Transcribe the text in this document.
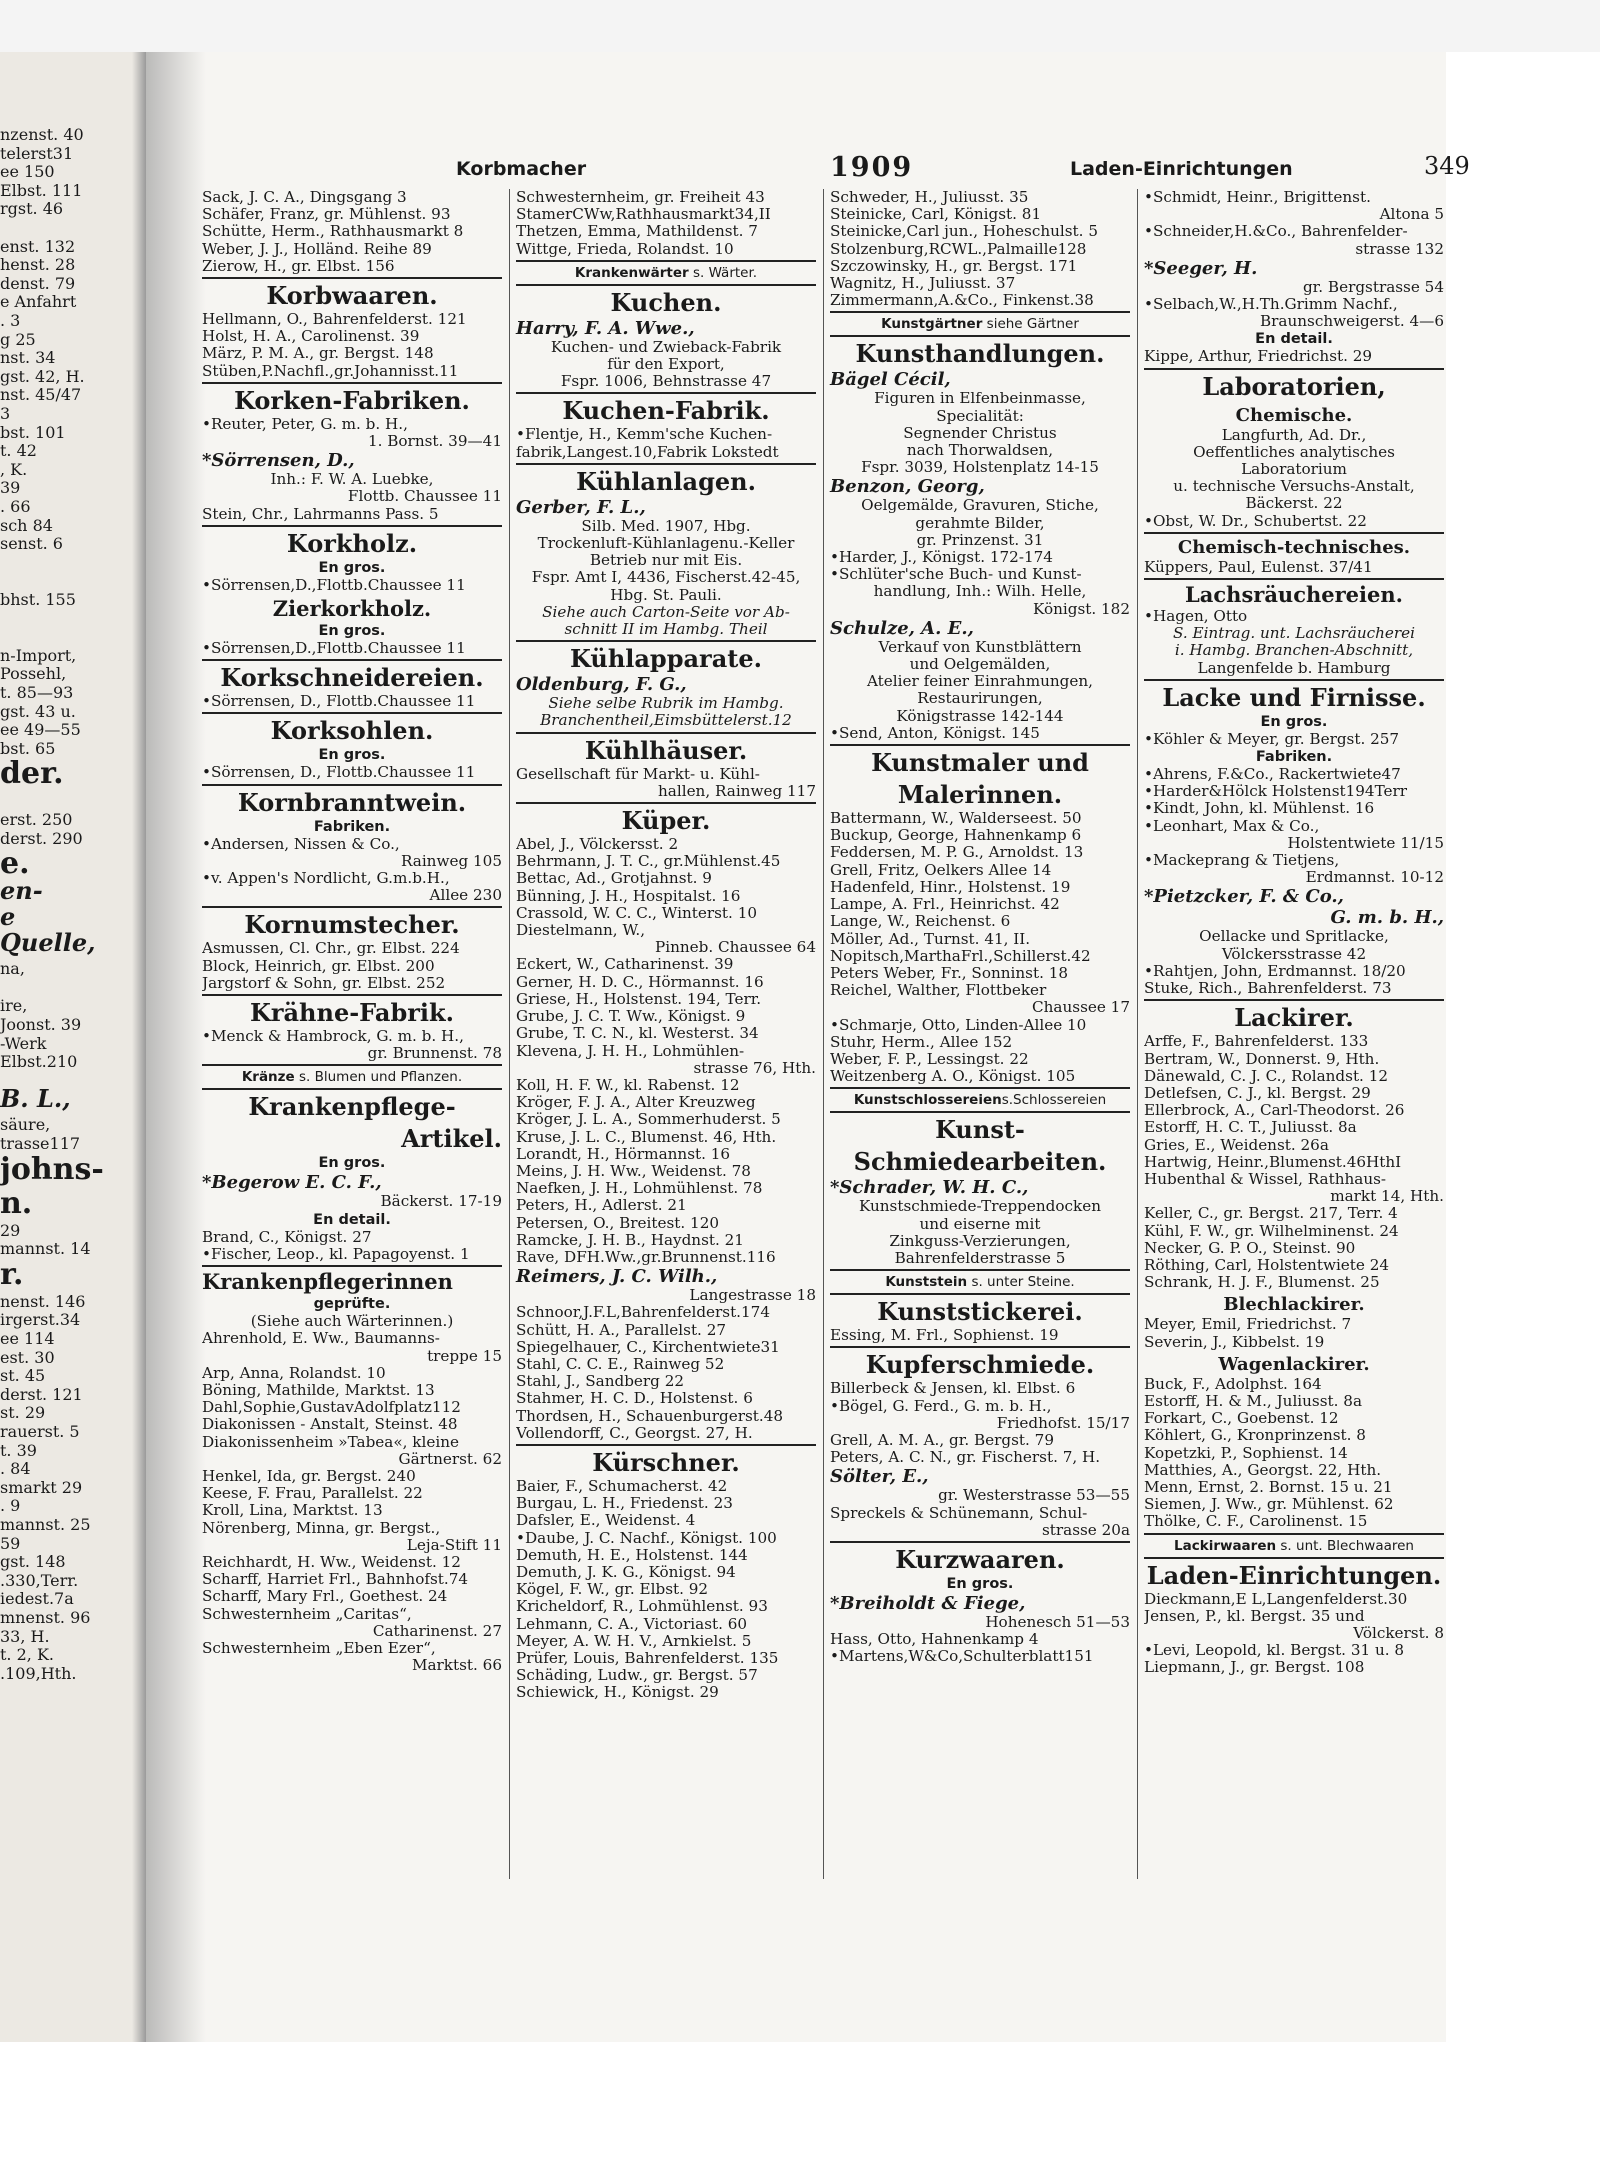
nzenst. 40
telerst31
ee 150
Elbst. 111
rgst. 46
enst. 132
henst. 28
denst. 79
e Anfahrt
. 3
g 25
nst. 34
gst. 42, H.
nst. 45/47
3
bst. 101
t. 42
, K.
39
. 66
sch 84
senst. 6
bhst. 155
n-Import,
Possehl,
t. 85—93
gst. 43 u.
ee 49—55
bst. 65
der.
erst. 250
derst. 290
e.
en-
e
Quelle,
na,
ire,
Joonst. 39
-Werk
Elbst.210
B. L.,
säure,
trasse117
johns-
n.
29
mannst. 14
r.
nenst. 146
irgerst.34
ee 114
est. 30
st. 45
derst. 121
st. 29
rauerst. 5
t. 39
. 84
smarkt 29
. 9
mannst. 25
59
gst. 148
.330,Terr.
iedest.7a
mnenst. 96
33, H.
t. 2, K.
.109,Hth.
Korbmacher	1909	Laden-Einrichtungen	349
Sack, J. C. A., Dingsgang 3
Schäfer, Franz, gr. Mühlenst. 93
Schütte, Herm., Rathhausmarkt 8
Weber, J. J., Holländ. Reihe 89
Zierow, H., gr. Elbst. 156
Korbwaaren.
Hellmann, O., Bahrenfelderst. 121
Holst, H. A., Carolinenst. 39
März, P. M. A., gr. Bergst. 148
Stüben,P.Nachfl.,gr.Johannisst.11
Korken-Fabriken.
•Reuter, Peter, G. m. b. H.,
1. Bornst. 39—41
*Sörrensen, D.,
Inh.: F. W. A. Luebke,
Flottb. Chaussee 11
Stein, Chr., Lahrmanns Pass. 5
Korkholz.
En gros.
•Sörrensen,D.,Flottb.Chaussee 11
Zierkorkholz.
En gros.
•Sörrensen,D.,Flottb.Chaussee 11
Korkschneidereien.
•Sörrensen, D., Flottb.Chaussee 11
Korksohlen.
En gros.
•Sörrensen, D., Flottb.Chaussee 11
Kornbranntwein.
Fabriken.
•Andersen, Nissen & Co.,
Rainweg 105
•v. Appen's Nordlicht, G.m.b.H.,
Allee 230
Kornumstecher.
Asmussen, Cl. Chr., gr. Elbst. 224
Block, Heinrich, gr. Elbst. 200
Jargstorf & Sohn, gr. Elbst. 252
Krähne-Fabrik.
•Menck & Hambrock, G. m. b. H.,
gr. Brunnenst. 78
Kränze s. Blumen und Pflanzen.
Krankenpflege-
Artikel.
En gros.
*Begerow E. C. F.,
Bäckerst. 17-19
En detail.
Brand, C., Königst. 27
•Fischer, Leop., kl. Papagoyenst. 1
Krankenpflegerinnen
geprüfte.
(Siehe auch Wärterinnen.)
Ahrenhold, E. Ww., Baumanns-
treppe 15
Arp, Anna, Rolandst. 10
Böning, Mathilde, Marktst. 13
Dahl,Sophie,GustavAdolfplatz112
Diakonissen - Anstalt, Steinst. 48
Diakonissenheim »Tabea«, kleine
Gärtnerst. 62
Henkel, Ida, gr. Bergst. 240
Keese, F. Frau, Parallelst. 22
Kroll, Lina, Marktst. 13
Nörenberg, Minna, gr. Bergst.,
Leja-Stift 11
Reichhardt, H. Ww., Weidenst. 12
Scharff, Harriet Frl., Bahnhofst.74
Scharff, Mary Frl., Goethest. 24
Schwesternheim „Caritas“,
Catharinenst. 27
Schwesternheim „Eben Ezer“,
Marktst. 66
Schwesternheim, gr. Freiheit 43
StamerCWw,Rathhausmarkt34,II
Thetzen, Emma, Mathildenst. 7
Wittge, Frieda, Rolandst. 10
Krankenwärter s. Wärter.
Kuchen.
Harry, F. A. Wwe.,
Kuchen- und Zwieback-Fabrik
für den Export,
Fspr. 1006, Behnstrasse 47
Kuchen-Fabrik.
•Flentje, H., Kemm'sche Kuchen-
fabrik,Langest.10,Fabrik Lokstedt
Kühlanlagen.
Gerber, F. L.,
Silb. Med. 1907, Hbg.
Trockenluft-Kühlanlagenu.-Keller
Betrieb nur mit Eis.
Fspr. Amt I, 4436, Fischerst.42-45,
Hbg. St. Pauli.
Siehe auch Carton-Seite vor Ab-
schnitt II im Hambg. Theil
Kühlapparate.
Oldenburg, F. G.,
Siehe selbe Rubrik im Hambg.
Branchentheil,Eimsbüttelerst.12
Kühlhäuser.
Gesellschaft für Markt- u. Kühl-
hallen, Rainweg 117
Küper.
Abel, J., Völckersst. 2
Behrmann, J. T. C., gr.Mühlenst.45
Bettac, Ad., Grotjahnst. 9
Bünning, J. H., Hospitalst. 16
Crassold, W. C. C., Winterst. 10
Diestelmann, W.,
Pinneb. Chaussee 64
Eckert, W., Catharinenst. 39
Gerner, H. D. C., Hörmannst. 16
Griese, H., Holstenst. 194, Terr.
Grube, J. C. T. Ww., Königst. 9
Grube, T. C. N., kl. Westerst. 34
Klevena, J. H. H., Lohmühlen-
strasse 76, Hth.
Koll, H. F. W., kl. Rabenst. 12
Kröger, F. J. A., Alter Kreuzweg
Kröger, J. L. A., Sommerhuderst. 5
Kruse, J. L. C., Blumenst. 46, Hth.
Lorandt, H., Hörmannst. 16
Meins, J. H. Ww., Weidenst. 78
Naefken, J. H., Lohmühlenst. 78
Peters, H., Adlerst. 21
Petersen, O., Breitest. 120
Ramcke, J. H. B., Haydnst. 21
Rave, DFH.Ww.,gr.Brunnenst.116
Reimers, J. C. Wilh.,
Langestrasse 18
Schnoor,J.F.L,Bahrenfelderst.174
Schütt, H. A., Parallelst. 27
Spiegelhauer, C., Kirchentwiete31
Stahl, C. C. E., Rainweg 52
Stahl, J., Sandberg 22
Stahmer, H. C. D., Holstenst. 6
Thordsen, H., Schauenburgerst.48
Vollendorff, C., Georgst. 27, H.
Kürschner.
Baier, F., Schumacherst. 42
Burgau, L. H., Friedenst. 23
Dafsler, E., Weidenst. 4
•Daube, J. C. Nachf., Königst. 100
Demuth, H. E., Holstenst. 144
Demuth, J. K. G., Königst. 94
Kögel, F. W., gr. Elbst. 92
Kricheldorf, R., Lohmühlenst. 93
Lehmann, C. A., Victoriast. 60
Meyer, A. W. H. V., Arnkielst. 5
Prüfer, Louis, Bahrenfelderst. 135
Schäding, Ludw., gr. Bergst. 57
Schiewick, H., Königst. 29
Schweder, H., Juliusst. 35
Steinicke, Carl, Königst. 81
Steinicke,Carl jun., Hoheschulst. 5
Stolzenburg,RCWL.,Palmaille128
Szczowinsky, H., gr. Bergst. 171
Wagnitz, H., Juliusst. 37
Zimmermann,A.&Co., Finkenst.38
Kunstgärtner siehe Gärtner
Kunsthandlungen.
Bägel Cécil,
Figuren in Elfenbeinmasse,
Specialität:
Segnender Christus
nach Thorwaldsen,
Fspr. 3039, Holstenplatz 14-15
Benzon, Georg,
Oelgemälde, Gravuren, Stiche,
gerahmte Bilder,
gr. Prinzenst. 31
•Harder, J., Königst. 172-174
•Schlüter'sche Buch- und Kunst-
handlung, Inh.: Wilh. Helle,
Königst. 182
Schulze, A. E.,
Verkauf von Kunstblättern
und Oelgemälden,
Atelier feiner Einrahmungen,
Restaurirungen,
Königstrasse 142-144
•Send, Anton, Königst. 145
Kunstmaler und
Malerinnen.
Battermann, W., Walderseest. 50
Buckup, George, Hahnenkamp 6
Feddersen, M. P. G., Arnoldst. 13
Grell, Fritz, Oelkers Allee 14
Hadenfeld, Hinr., Holstenst. 19
Lampe, A. Frl., Heinrichst. 42
Lange, W., Reichenst. 6
Möller, Ad., Turnst. 41, II.
Nopitsch,MarthaFrl.,Schillerst.42
Peters Weber, Fr., Sonninst. 18
Reichel, Walther, Flottbeker
Chaussee 17
•Schmarje, Otto, Linden-Allee 10
Stuhr, Herm., Allee 152
Weber, F. P., Lessingst. 22
Weitzenberg A. O., Königst. 105
Kunstschlossereiens.Schlossereien
Kunst-
Schmiedearbeiten.
*Schrader, W. H. C.,
Kunstschmiede-Treppendocken
und eiserne mit
Zinkguss-Verzierungen,
Bahrenfelderstrasse 5
Kunststein s. unter Steine.
Kunststickerei.
Essing, M. Frl., Sophienst. 19
Kupferschmiede.
Billerbeck & Jensen, kl. Elbst. 6
•Bögel, G. Ferd., G. m. b. H.,
Friedhofst. 15/17
Grell, A. M. A., gr. Bergst. 79
Peters, A. C. N., gr. Fischerst. 7, H.
Sölter, E.,
gr. Westerstrasse 53—55
Spreckels & Schünemann, Schul-
strasse 20a
Kurzwaaren.
En gros.
*Breiholdt & Fiege,
Hohenesch 51—53
Hass, Otto, Hahnenkamp 4
•Martens,W&Co,Schulterblatt151
•Schmidt, Heinr., Brigittenst.
Altona 5
•Schneider,H.&Co., Bahrenfelder-
strasse 132
*Seeger, H.
gr. Bergstrasse 54
•Selbach,W.,H.Th.Grimm Nachf.,
Braunschweigerst. 4—6
En detail.
Kippe, Arthur, Friedrichst. 29
Laboratorien,
Chemische.
Langfurth, Ad. Dr.,
Oeffentliches analytisches
Laboratorium
u. technische Versuchs-Anstalt,
Bäckerst. 22
•Obst, W. Dr., Schubertst. 22
Chemisch-technisches.
Küppers, Paul, Eulenst. 37/41
Lachsräuchereien.
•Hagen, Otto
S. Eintrag. unt. Lachsräucherei
i. Hambg. Branchen-Abschnitt,
Langenfelde b. Hamburg
Lacke und Firnisse.
En gros.
•Köhler & Meyer, gr. Bergst. 257
Fabriken.
•Ahrens, F.&Co., Rackertwiete47
•Harder&Hölck Holstenst194Terr
•Kindt, John, kl. Mühlenst. 16
•Leonhart, Max & Co.,
Holstentwiete 11/15
•Mackeprang & Tietjens,
Erdmannst. 10-12
*Pietzcker, F. & Co.,
G. m. b. H.,
Oellacke und Spritlacke,
Völckersstrasse 42
•Rahtjen, John, Erdmannst. 18/20
Stuke, Rich., Bahrenfelderst. 73
Lackirer.
Arffe, F., Bahrenfelderst. 133
Bertram, W., Donnerst. 9, Hth.
Dänewald, C. J. C., Rolandst. 12
Detlefsen, C. J., kl. Bergst. 29
Ellerbrock, A., Carl-Theodorst. 26
Estorff, H. C. T., Juliusst. 8a
Gries, E., Weidenst. 26a
Hartwig, Heinr.,Blumenst.46HthI
Hubenthal & Wissel, Rathhaus-
markt 14, Hth.
Keller, C., gr. Bergst. 217, Terr. 4
Kühl, F. W., gr. Wilhelminenst. 24
Necker, G. P. O., Steinst. 90
Röthing, Carl, Holstentwiete 24
Schrank, H. J. F., Blumenst. 25
Blechlackirer.
Meyer, Emil, Friedrichst. 7
Severin, J., Kibbelst. 19
Wagenlackirer.
Buck, F., Adolphst. 164
Estorff, H. & M., Juliusst. 8a
Forkart, C., Goebenst. 12
Köhlert, G., Kronprinzenst. 8
Kopetzki, P., Sophienst. 14
Matthies, A., Georgst. 22, Hth.
Menn, Ernst, 2. Bornst. 15 u. 21
Siemen, J. Ww., gr. Mühlenst. 62
Thölke, C. F., Carolinenst. 15
Lackirwaaren s. unt. Blechwaaren
Laden-Einrichtungen.
Dieckmann,E L,Langenfelderst.30
Jensen, P., kl. Bergst. 35 und
Völckerst. 8
•Levi, Leopold, kl. Bergst. 31 u. 8
Liepmann, J., gr. Bergst. 108
